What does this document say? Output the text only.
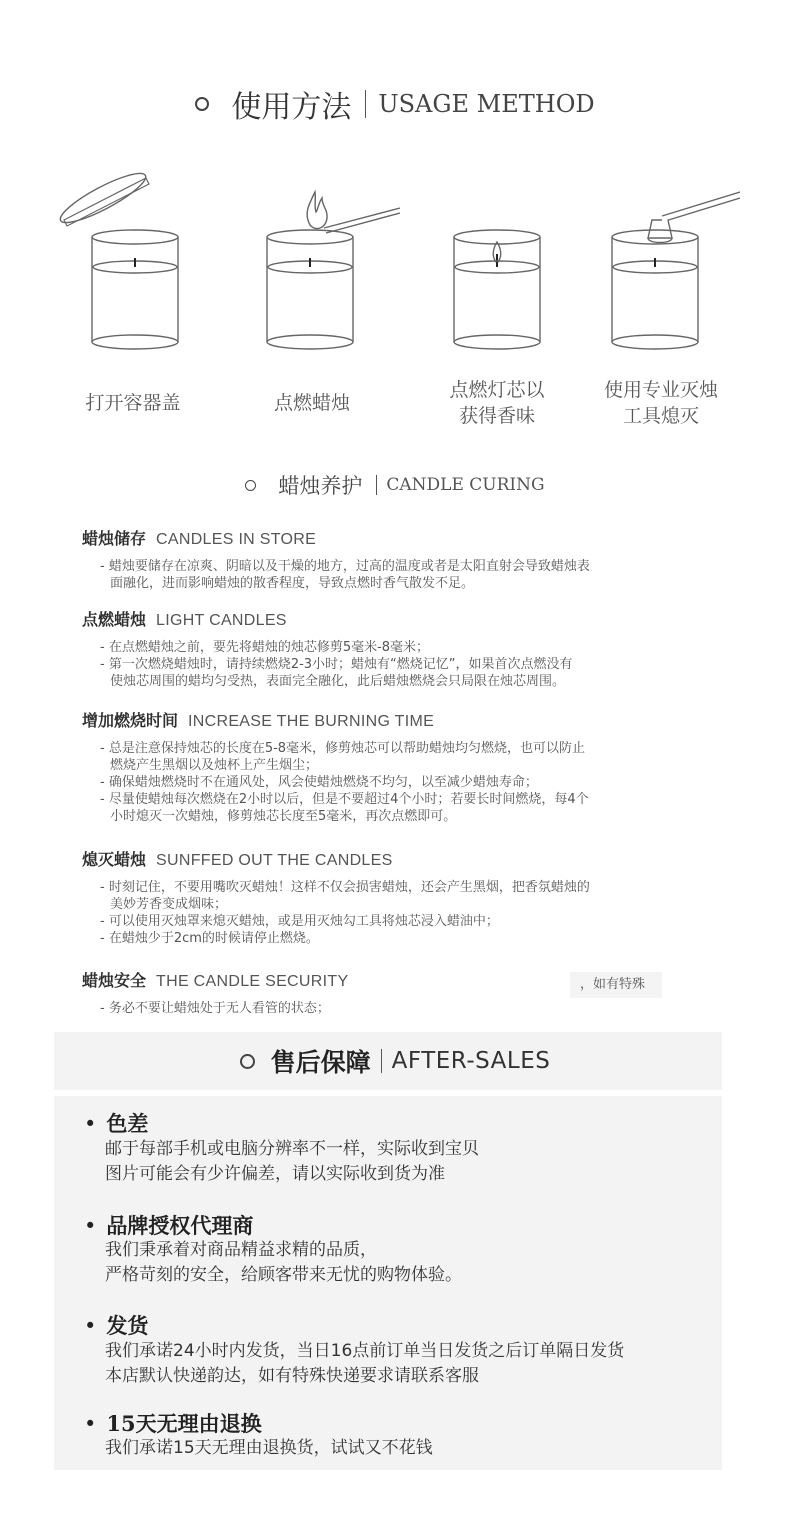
使用方法 USAGE METHOD
打开容器盖	点燃蜡烛
点燃灯芯以
获得香味
使用专业灭烛
工具熄灭
蜡烛养护 CANDLE CURING
蜡烛储存 CANDLES IN STORE
- 蜡烛要储存在凉爽、阴暗以及干燥的地方，过高的温度或者是太阳直射会导致蜡烛表
面融化，进而影响蜡烛的散香程度，导致点燃时香气散发不足。
点燃蜡烛 LIGHT CANDLES
- 在点燃蜡烛之前，要先将蜡烛的烛芯修剪5毫米-8毫米；
- 第一次燃烧蜡烛时，请持续燃烧2-3小时；蜡烛有“燃烧记忆”，如果首次点燃没有
使烛芯周围的蜡均匀受热，表面完全融化，此后蜡烛燃烧会只局限在烛芯周围。
增加燃烧时间 INCREASE THE BURNING TIME
- 总是注意保持烛芯的长度在5-8毫米，修剪烛芯可以帮助蜡烛均匀燃烧，也可以防止
燃烧产生黑烟以及烛杯上产生烟尘；
- 确保蜡烛燃烧时不在通风处，风会使蜡烛燃烧不均匀，以至减少蜡烛寿命；
- 尽量使蜡烛每次燃烧在2小时以后，但是不要超过4个小时；若要长时间燃烧，每4个
小时熄灭一次蜡烛，修剪烛芯长度至5毫米，再次点燃即可。
熄灭蜡烛 SUNFFED OUT THE CANDLES
- 时刻记住，不要用嘴吹灭蜡烛！这样不仅会损害蜡烛，还会产生黑烟，把香氛蜡烛的
美妙芳香变成烟味；
- 可以使用灭烛罩来熄灭蜡烛，或是用灭烛勾工具将烛芯浸入蜡油中；
- 在蜡烛少于2cm的时候请停止燃烧。
蜡烛安全 THE CANDLE SECURITY
- 务必不要让蜡烛处于无人看管的状态；
，如有特殊
售后保障 AFTER-SALES
• 色差
邮于每部手机或电脑分辨率不一样，实际收到宝贝
图片可能会有少许偏差，请以实际收到货为准
• 品牌授权代理商
我们秉承着对商品精益求精的品质，
严格苛刻的安全，给顾客带来无忧的购物体验。
• 发货
我们承诺24小时内发货，当日16点前订单当日发货之后订单隔日发货
本店默认快递韵达，如有特殊快递要求请联系客服
• 15天无理由退换
我们承诺15天无理由退换货，试试又不花钱
